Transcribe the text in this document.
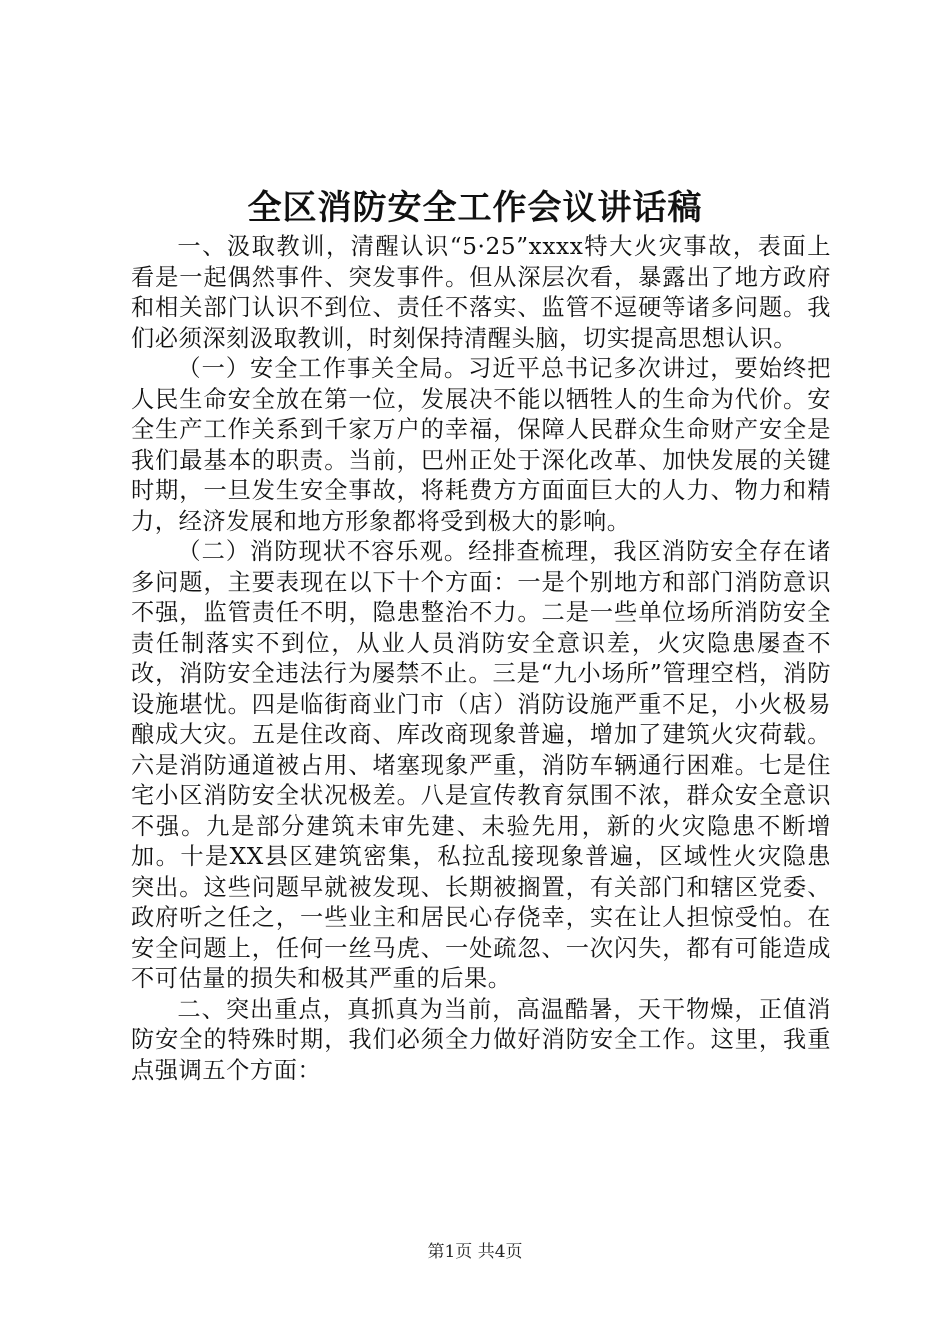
全区消防安全工作会议讲话稿

一、汲取教训，清醒认识“5·25”xxxx特大火灾事故，表面上看是一起偶然事件、突发事件。但从深层次看，暴露出了地方政府和相关部门认识不到位、责任不落实、监管不逗硬等诸多问题。我们必须深刻汲取教训，时刻保持清醒头脑，切实提高思想认识。

（一）安全工作事关全局。习近平总书记多次讲过，要始终把人民生命安全放在第一位，发展决不能以牺牲人的生命为代价。安全生产工作关系到千家万户的幸福，保障人民群众生命财产安全是我们最基本的职责。当前，巴州正处于深化改革、加快发展的关键时期，一旦发生安全事故，将耗费方方面面巨大的人力、物力和精力，经济发展和地方形象都将受到极大的影响。

（二）消防现状不容乐观。经排查梳理，我区消防安全存在诸多问题，主要表现在以下十个方面：一是个别地方和部门消防意识不强，监管责任不明，隐患整治不力。二是一些单位场所消防安全责任制落实不到位，从业人员消防安全意识差，火灾隐患屡查不改，消防安全违法行为屡禁不止。三是“九小场所”管理空档，消防设施堪忧。四是临街商业门市（店）消防设施严重不足，小火极易酿成大灾。五是住改商、库改商现象普遍，增加了建筑火灾荷载。六是消防通道被占用、堵塞现象严重，消防车辆通行困难。七是住宅小区消防安全状况极差。八是宣传教育氛围不浓，群众安全意识不强。九是部分建筑未审先建、未验先用，新的火灾隐患不断增加。十是XX县区建筑密集，私拉乱接现象普遍，区域性火灾隐患突出。这些问题早就被发现、长期被搁置，有关部门和辖区党委、政府听之任之，一些业主和居民心存侥幸，实在让人担惊受怕。在安全问题上，任何一丝马虎、一处疏忽、一次闪失，都有可能造成不可估量的损失和极其严重的后果。

二、突出重点，真抓真为当前，高温酷暑，天干物燥，正值消防安全的特殊时期，我们必须全力做好消防安全工作。这里，我重点强调五个方面：

第1页 共4页
